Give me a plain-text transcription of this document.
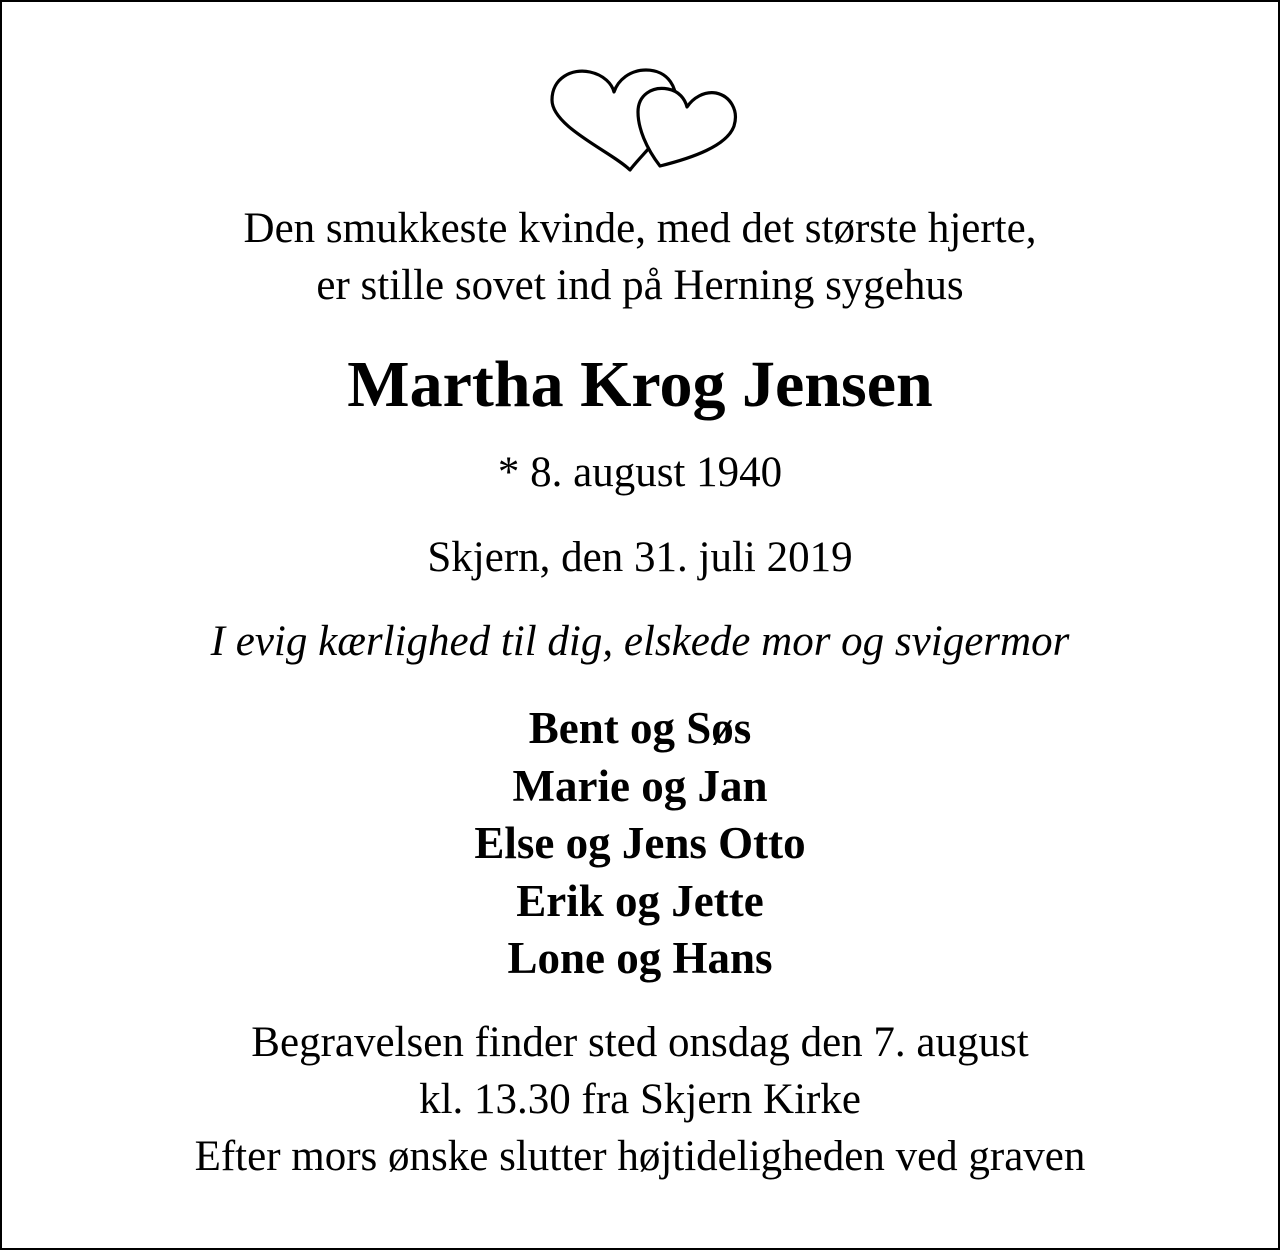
Den smukkeste kvinde, med det største hjerte,
er stille sovet ind på Herning sygehus
Martha Krog Jensen
* 8. august 1940
Skjern, den 31. juli 2019
I evig kærlighed til dig, elskede mor og svigermor
Bent og Søs
Marie og Jan
Else og Jens Otto
Erik og Jette
Lone og Hans
Begravelsen finder sted onsdag den 7. august
kl. 13.30 fra Skjern Kirke
Efter mors ønske slutter højtideligheden ved graven
